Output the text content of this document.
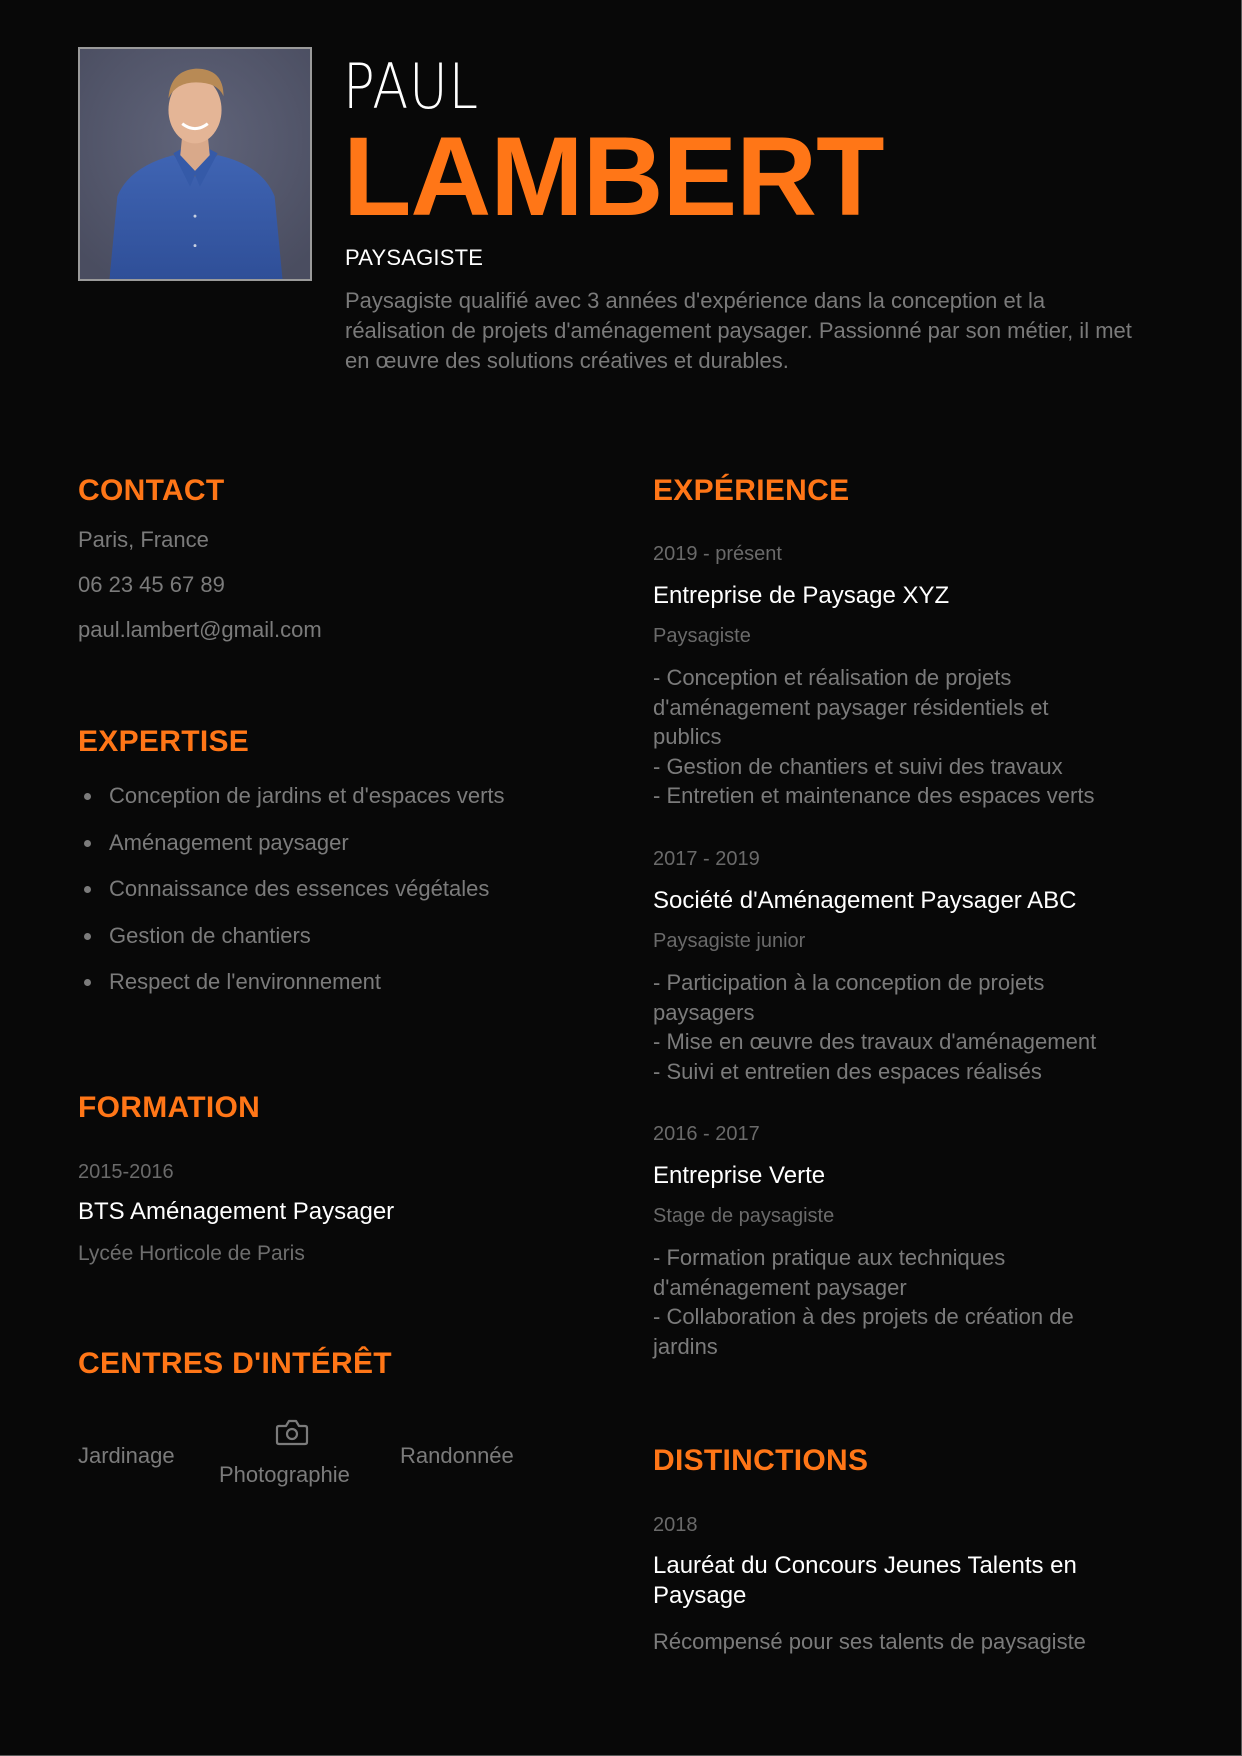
PAUL
LAMBERT
PAYSAGISTE
Paysagiste qualifié avec 3 années d'expérience dans la conception et la réalisation de projets d'aménagement paysager. Passionné par son métier, il met en œuvre des solutions créatives et durables.
CONTACT
Paris, France
06 23 45 67 89
paul.lambert@gmail.com
EXPERTISE
Conception de jardins et d'espaces verts
Aménagement paysager
Connaissance des essences végétales
Gestion de chantiers
Respect de l'environnement
FORMATION
2015-2016
BTS Aménagement Paysager
Lycée Horticole de Paris
CENTRES D'INTÉRÊT
Jardinage
Photographie
Randonnée
EXPÉRIENCE
2019 - présent
Entreprise de Paysage XYZ
Paysagiste
- Conception et réalisation de projets
d'aménagement paysager résidentiels et
publics
- Gestion de chantiers et suivi des travaux
- Entretien et maintenance des espaces verts
2017 - 2019
Société d'Aménagement Paysager ABC
Paysagiste junior
- Participation à la conception de projets
paysagers
- Mise en œuvre des travaux d'aménagement
- Suivi et entretien des espaces réalisés
2016 - 2017
Entreprise Verte
Stage de paysagiste
- Formation pratique aux techniques
d'aménagement paysager
- Collaboration à des projets de création de
jardins
DISTINCTIONS
2018
Lauréat du Concours Jeunes Talents en
Paysage
Récompensé pour ses talents de paysagiste
